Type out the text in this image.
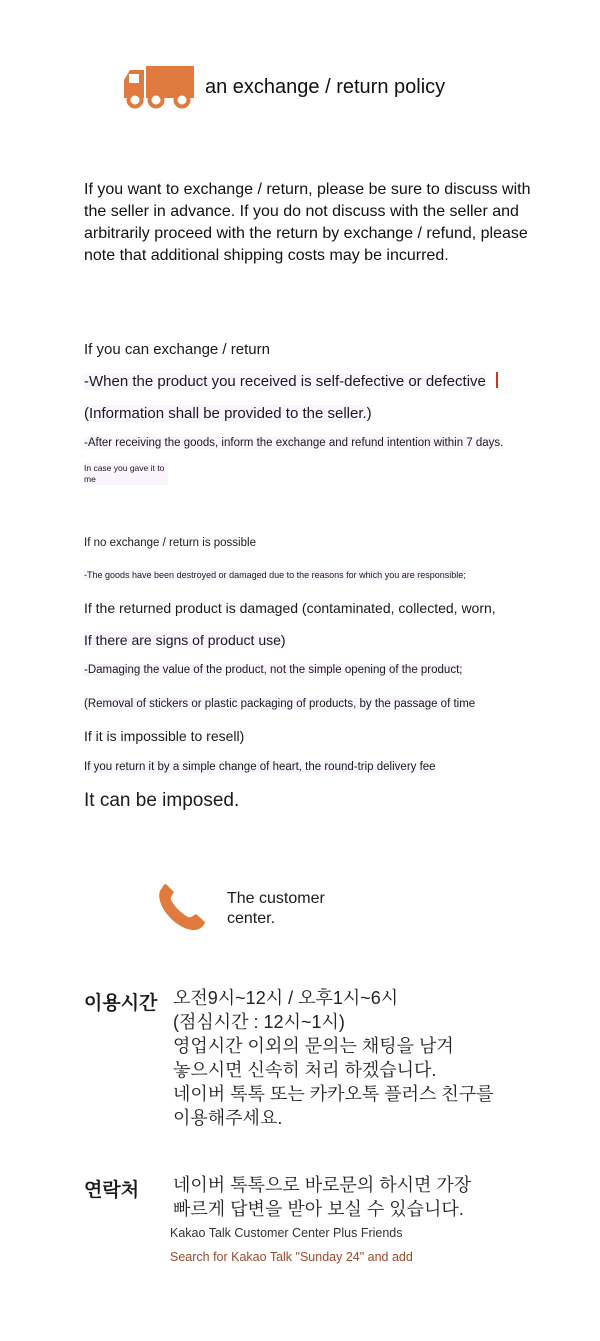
an exchange / return policy
If you want to exchange / return, please be sure to discuss with the seller in advance. If you do not discuss with the seller and arbitrarily proceed with the return by exchange / refund, please note that additional shipping costs may be incurred.
If you can exchange / return
-When the product you received is self-defective or defective
(Information shall be provided to the seller.)
-After receiving the goods, inform the exchange and refund intention within 7 days.
In case you gave it to me
If no exchange / return is possible
-The goods have been destroyed or damaged due to the reasons for which you are responsible;
If the returned product is damaged (contaminated, collected, worn,
If there are signs of product use)
-Damaging the value of the product, not the simple opening of the product;
(Removal of stickers or plastic packaging of products, by the passage of time
If it is impossible to resell)
If you return it by a simple change of heart, the round-trip delivery fee
It can be imposed.
The customer
center.
이용시간 오전9시~12시 / 오후1시~6시
(점심시간 : 12시~1시)
영업시간 이외의 문의는 채팅을 남겨
놓으시면 신속히 처리 하겠습니다.
네이버 톡톡 또는 카카오톡 플러스 친구를
이용해주세요.
연락처 네이버 톡톡으로 바로문의 하시면 가장
빠르게 답변을 받아 보실 수 있습니다.
Kakao Talk Customer Center Plus Friends
Search for Kakao Talk "Sunday 24" and add
